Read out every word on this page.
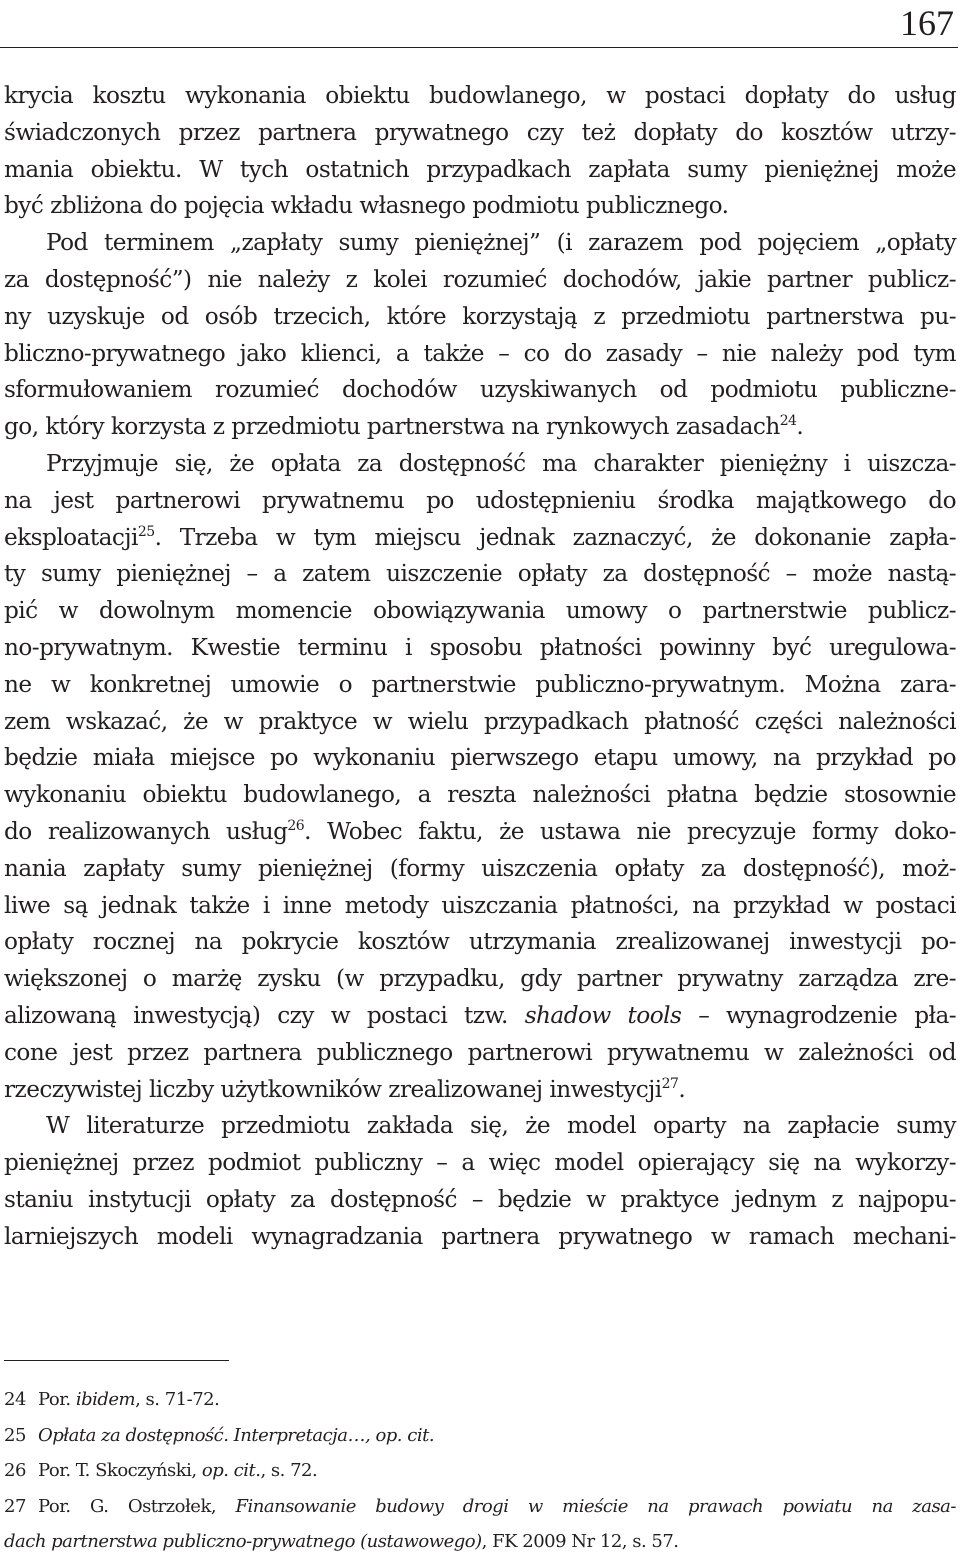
167
krycia kosztu wykonania obiektu budowlanego, w postaci dopłaty do usług
świadczonych przez partnera prywatnego czy też dopłaty do kosztów utrzy-
mania obiektu. W tych ostatnich przypadkach zapłata sumy pieniężnej może
być zbliżona do pojęcia wkładu własnego podmiotu publicznego.
Pod terminem „zapłaty sumy pieniężnej” (i zarazem pod pojęciem „opłaty
za dostępność”) nie należy z kolei rozumieć dochodów, jakie partner publicz-
ny uzyskuje od osób trzecich, które korzystają z przedmiotu partnerstwa pu-
bliczno-prywatnego jako klienci, a także – co do zasady – nie należy pod tym
sformułowaniem rozumieć dochodów uzyskiwanych od podmiotu publiczne-
go, który korzysta z przedmiotu partnerstwa na rynkowych zasadach$^{24}$.
Przyjmuje się, że opłata za dostępność ma charakter pieniężny i uiszcza-
na jest partnerowi prywatnemu po udostępnieniu środka majątkowego do
eksploatacji$^{25}$. Trzeba w tym miejscu jednak zaznaczyć, że dokonanie zapła-
ty sumy pieniężnej – a zatem uiszczenie opłaty za dostępność – może nastą-
pić w dowolnym momencie obowiązywania umowy o partnerstwie publicz-
no-prywatnym. Kwestie terminu i sposobu płatności powinny być uregulowa-
ne w konkretnej umowie o partnerstwie publiczno-prywatnym. Można zara-
zem wskazać, że w praktyce w wielu przypadkach płatność części należności
będzie miała miejsce po wykonaniu pierwszego etapu umowy, na przykład po
wykonaniu obiektu budowlanego, a reszta należności płatna będzie stosownie
do realizowanych usług$^{26}$. Wobec faktu, że ustawa nie precyzuje formy doko-
nania zapłaty sumy pieniężnej (formy uiszczenia opłaty za dostępność), moż-
liwe są jednak także i inne metody uiszczania płatności, na przykład w postaci
opłaty rocznej na pokrycie kosztów utrzymania zrealizowanej inwestycji po-
większonej o marżę zysku (w przypadku, gdy partner prywatny zarządza zre-
alizowaną inwestycją) czy w postaci tzw. shadow tools – wynagrodzenie pła-
cone jest przez partnera publicznego partnerowi prywatnemu w zależności od
rzeczywistej liczby użytkowników zrealizowanej inwestycji$^{27}$.
W literaturze przedmiotu zakłada się, że model oparty na zapłacie sumy
pieniężnej przez podmiot publiczny – a więc model opierający się na wykorzy-
staniu instytucji opłaty za dostępność – będzie w praktyce jednym z najpopu-
larniejszych modeli wynagradzania partnera prywatnego w ramach mechani-
24 Por. ibidem, s. 71-72.
25 Opłata za dostępność. Interpretacja…, op. cit.
26 Por. T. Skoczyński, op. cit., s. 72.
27 Por. G. Ostrzołek, Finansowanie budowy drogi w mieście na prawach powiatu na zasa-
dach partnerstwa publiczno-prywatnego (ustawowego), FK 2009 Nr 12, s. 57.
